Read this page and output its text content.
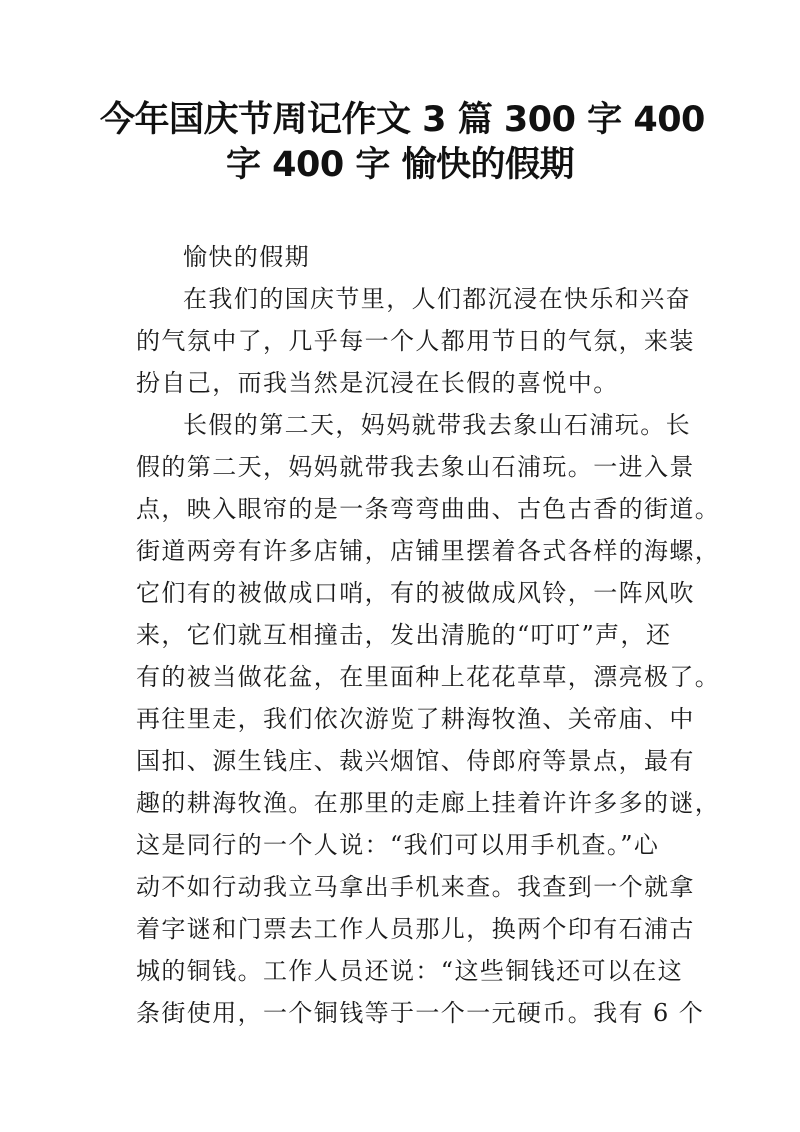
今年国庆节周记作文 3 篇 300 字 400
字 400 字 愉快的假期
愉快的假期
在我们的国庆节里，人们都沉浸在快乐和兴奋
的气氛中了，几乎每一个人都用节日的气氛，来装
扮自己，而我当然是沉浸在长假的喜悦中。
长假的第二天，妈妈就带我去象山石浦玩。长
假的第二天，妈妈就带我去象山石浦玩。一进入景
点，映入眼帘的是一条弯弯曲曲、古色古香的街道。
街道两旁有许多店铺，店铺里摆着各式各样的海螺，
它们有的被做成口哨，有的被做成风铃，一阵风吹
来，它们就互相撞击，发出清脆的“叮叮”声，还
有的被当做花盆，在里面种上花花草草，漂亮极了。
再往里走，我们依次游览了耕海牧渔、关帝庙、中
国扣、源生钱庄、裁兴烟馆、侍郎府等景点，最有
趣的耕海牧渔。在那里的走廊上挂着许许多多的谜，
这是同行的一个人说：“我们可以用手机查。”心
动不如行动我立马拿出手机来查。我查到一个就拿
着字谜和门票去工作人员那儿，换两个印有石浦古
城的铜钱。工作人员还说：“这些铜钱还可以在这
条街使用，一个铜钱等于一个一元硬币。我有 6 个
